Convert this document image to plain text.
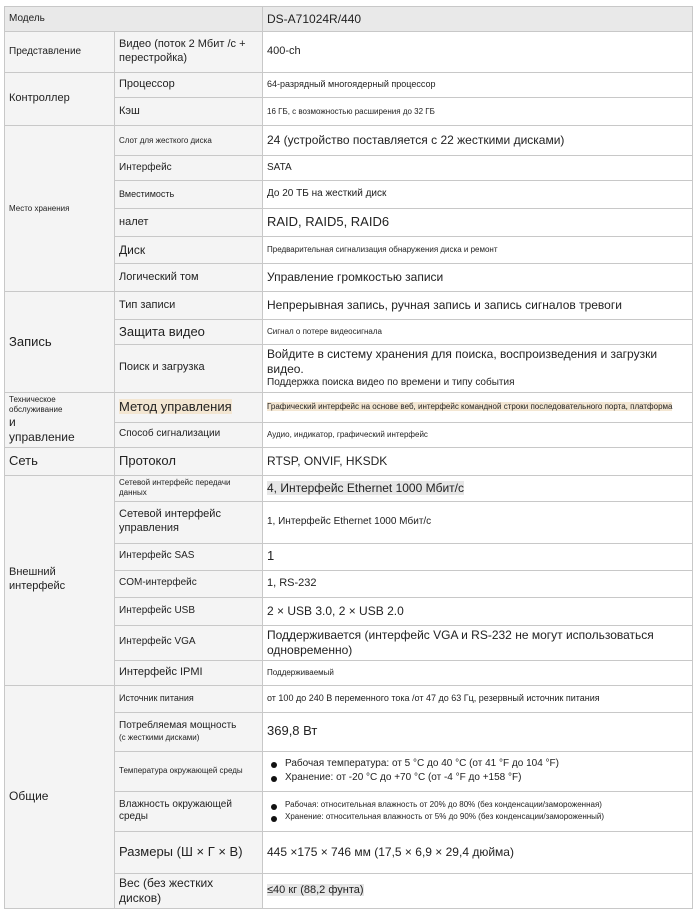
Модель		DS-A71024R/440
Представление	Видео (поток 2 Мбит /с + перестройка)	400-ch
Контроллер	Процессор	64-разрядный многоядерный процессор
	Кэш	16 ГБ, с возможностью расширения до 32 ГБ
Место хранения	Слот для жесткого диска	24 (устройство поставляется с 22 жесткими дисками)
	Интерфейс	SATA
	Вместимость	До 20 ТБ на жесткий диск
	налет	RAID, RAID5, RAID6
	Диск	Предварительная сигнализация обнаружения диска и ремонт
	Логический том	Управление громкостью записи
Запись	Тип записи	Непрерывная запись, ручная запись и запись сигналов тревоги
	Защита видео	Сигнал о потере видеосигнала
	Поиск и загрузка	Войдите в систему хранения для поиска, воспроизведения и загрузки видео.
Поддержка поиска видео по времени и типу события

Техническое обслуживание
и
управление	Метод управления	Графический интерфейс на основе веб, интерфейс командной строки последовательного порта, платформа
	Способ сигнализации	Аудио, индикатор, графический интерфейс
Сеть	Протокол	RTSP, ONVIF, HKSDK
Внешний интерфейс	Сетевой интерфейс передачи данных	4, Интерфейс Ethernet 1000 Мбит/с
	Сетевой интерфейс управления	1, Интерфейс Ethernet 1000 Мбит/с
	Интерфейс SAS	1
	COM-интерфейс	1, RS-232
	Интерфейс USB	2 × USB 3.0, 2 × USB 2.0
	Интерфейс VGA	Поддерживается (интерфейс VGA и RS-232 не могут использоваться одновременно)
	Интерфейс IPMI	Поддерживаемый
Общие	Источник питания	от 100 до 240 В переменного тока /от 47 до 63 Гц, резервный источник питания

	Потребляемая мощность
(с жесткими дисками)	369,8 Вт
	Температура окружающей среды	Рабочая температура: от 5 °C до 40 °C (от 41 °F до 104 °F)
Хранение: от -20 °C до +70 °C (от -4 °F до +158 °F)

	Влажность окружающей среды	Рабочая: относительная влажность от 20% до 80% (без конденсации/замороженная)
Хранение: относительная влажность от 5% до 90% (без конденсации/замороженный)

	Размеры (Ш × Г × В)	445 ×175 × 746 мм (17,5 × 6,9 × 29,4 дюйма)
	Вес (без жестких дисков)	≤40 кг (88,2 фунта)
